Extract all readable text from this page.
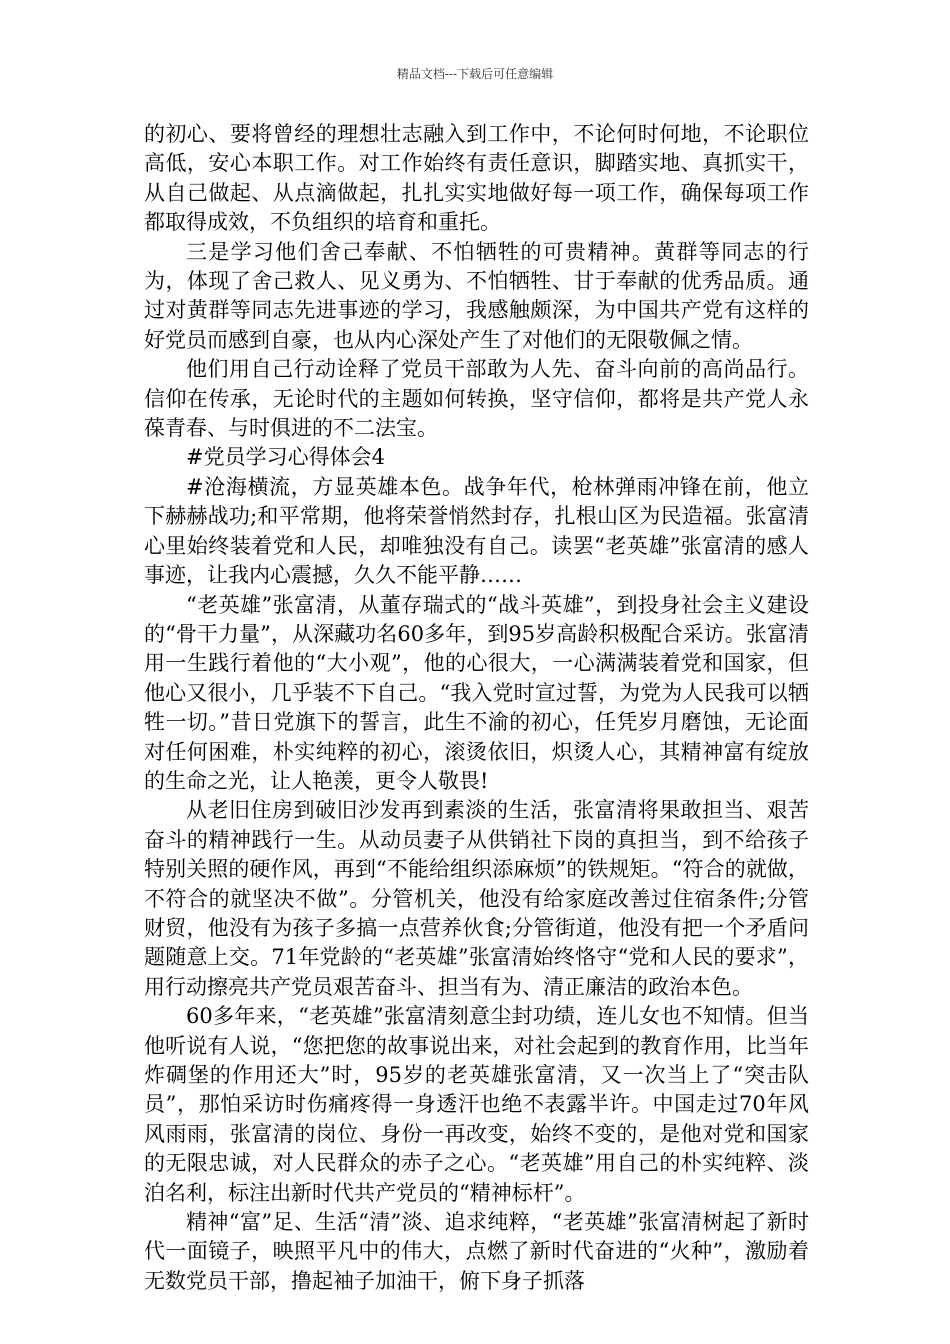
精品文档---下载后可任意编辑

的初心、要将曾经的理想壮志融入到工作中，不论何时何地，不论职位高低，安心本职工作。对工作始终有责任意识，脚踏实地、真抓实干，从自己做起、从点滴做起，扎扎实实地做好每一项工作，确保每项工作都取得成效，不负组织的培育和重托。

三是学习他们舍己奉献、不怕牺牲的可贵精神。黄群等同志的行为，体现了舍己救人、见义勇为、不怕牺牲、甘于奉献的优秀品质。通过对黄群等同志先进事迹的学习，我感触颇深，为中国共产党有这样的好党员而感到自豪，也从内心深处产生了对他们的无限敬佩之情。

他们用自己行动诠释了党员干部敢为人先、奋斗向前的高尚品行。信仰在传承，无论时代的主题如何转换，坚守信仰，都将是共产党人永葆青春、与时俱进的不二法宝。

#党员学习心得体会4

#沧海横流，方显英雄本色。战争年代，枪林弹雨冲锋在前，他立下赫赫战功;和平常期，他将荣誉悄然封存，扎根山区为民造福。张富清心里始终装着党和人民，却唯独没有自己。读罢“老英雄”张富清的感人事迹，让我内心震撼，久久不能平静……

“老英雄”张富清，从董存瑞式的“战斗英雄”，到投身社会主义建设的“骨干力量”，从深藏功名60多年，到95岁高龄积极配合采访。张富清用一生践行着他的“大小观”，他的心很大，一心满满装着党和国家，但他心又很小，几乎装不下自己。“我入党时宣过誓，为党为人民我可以牺牲一切。”昔日党旗下的誓言，此生不渝的初心，任凭岁月磨蚀，无论面对任何困难，朴实纯粹的初心，滚烫依旧，炽烫人心，其精神富有绽放的生命之光，让人艳羡，更令人敬畏!

从老旧住房到破旧沙发再到素淡的生活，张富清将果敢担当、艰苦奋斗的精神践行一生。从动员妻子从供销社下岗的真担当，到不给孩子特别关照的硬作风，再到“不能给组织添麻烦”的铁规矩。“符合的就做，不符合的就坚决不做”。分管机关，他没有给家庭改善过住宿条件;分管财贸，他没有为孩子多搞一点营养伙食;分管街道，他没有把一个矛盾问题随意上交。71年党龄的“老英雄”张富清始终恪守“党和人民的要求”，用行动擦亮共产党员艰苦奋斗、担当有为、清正廉洁的政治本色。

60多年来，“老英雄”张富清刻意尘封功绩，连儿女也不知情。但当他听说有人说，“您把您的故事说出来，对社会起到的教育作用，比当年炸碉堡的作用还大”时，95岁的老英雄张富清，又一次当上了“突击队员”，那怕采访时伤痛疼得一身透汗也绝不表露半许。中国走过70年风风雨雨，张富清的岗位、身份一再改变，始终不变的，是他对党和国家的无限忠诚，对人民群众的赤子之心。“老英雄”用自己的朴实纯粹、淡泊名利，标注出新时代共产党员的“精神标杆”。

精神“富”足、生活“清”淡、追求纯粹，“老英雄”张富清树起了新时代一面镜子，映照平凡中的伟大，点燃了新时代奋进的“火种”，激励着无数党员干部，撸起袖子加油干，俯下身子抓落
